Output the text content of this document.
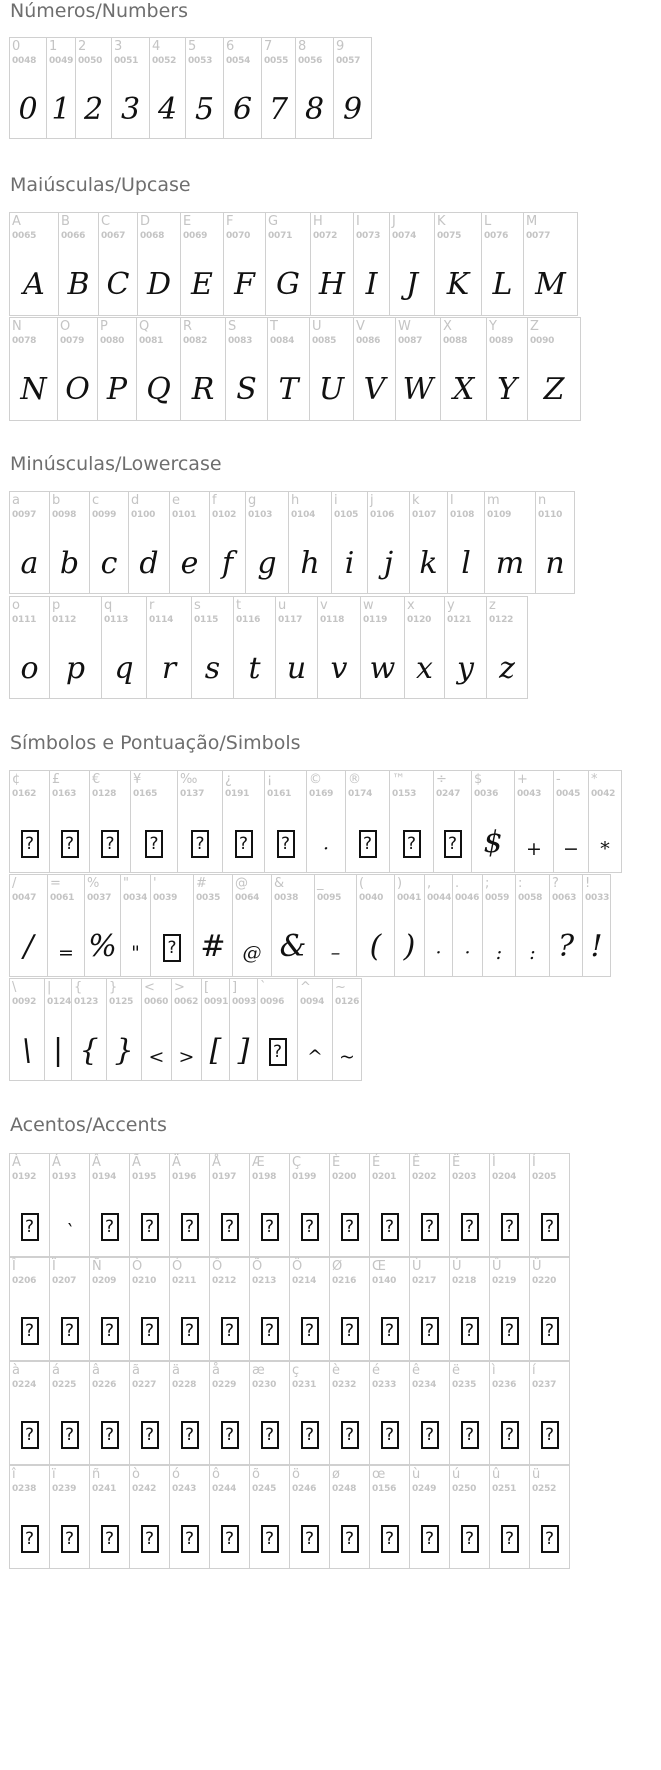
Números/Numbers
0
0048
0
1
0049
1
2
0050
2
3
0051
3
4
0052
4
5
0053
5
6
0054
6
7
0055
7
8
0056
8
9
0057
9
Maiúsculas/Upcase
A
0065
A
B
0066
B
C
0067
C
D
0068
D
E
0069
E
F
0070
F
G
0071
G
H
0072
H
I
0073
I
J
0074
J
K
0075
K
L
0076
L
M
0077
M
N
0078
N
O
0079
O
P
0080
P
Q
0081
Q
R
0082
R
S
0083
S
T
0084
T
U
0085
U
V
0086
V
W
0087
W
X
0088
X
Y
0089
Y
Z
0090
Z
Minúsculas/Lowercase
a
0097
a
b
0098
b
c
0099
c
d
0100
d
e
0101
e
f
0102
f
g
0103
g
h
0104
h
i
0105
i
j
0106
j
k
0107
k
l
0108
l
m
0109
m
n
0110
n
o
0111
o
p
0112
p
q
0113
q
r
0114
r
s
0115
s
t
0116
t
u
0117
u
v
0118
v
w
0119
w
x
0120
x
y
0121
y
z
0122
z
Símbolos e Pontuação/Simbols
¢
0162
?
£
0163
?
€
0128
?
¥
0165
?
‰
0137
?
¿
0191
?
¡
0161
?
©
0169
·
®
0174
?
™
0153
?
÷
0247
?
$
0036
$
+
0043
+
-
0045
−
*
0042
*
/
0047
/
=
0061
=
%
0037
%
"
0034
"
'
0039
?
#
0035
#
@
0064
@
&
0038
&
_
0095
–
(
0040
(
)
0041
)
,
0044
·
.
0046
·
;
0059
:
:
0058
:
?
0063
?
!
0033
!
\
0092
\
|
0124
|
{
0123
{
}
0125
}
<
0060
<
>
0062
>
[
0091
[
]
0093
]
`
0096
?
^
0094
^
~
0126
~
Acentos/Accents
À
0192
?
Á
0193
`
Â
0194
?
Ã
0195
?
Ä
0196
?
Å
0197
?
Æ
0198
?
Ç
0199
?
È
0200
?
É
0201
?
Ê
0202
?
Ë
0203
?
Ì
0204
?
Í
0205
?
Î
0206
?
Ï
0207
?
Ñ
0209
?
Ò
0210
?
Ó
0211
?
Ô
0212
?
Õ
0213
?
Ö
0214
?
Ø
0216
?
Œ
0140
?
Ù
0217
?
Ú
0218
?
Û
0219
?
Ü
0220
?
à
0224
?
á
0225
?
â
0226
?
ã
0227
?
ä
0228
?
å
0229
?
æ
0230
?
ç
0231
?
è
0232
?
é
0233
?
ê
0234
?
ë
0235
?
ì
0236
?
í
0237
?
î
0238
?
ï
0239
?
ñ
0241
?
ò
0242
?
ó
0243
?
ô
0244
?
õ
0245
?
ö
0246
?
ø
0248
?
œ
0156
?
ù
0249
?
ú
0250
?
û
0251
?
ü
0252
?
